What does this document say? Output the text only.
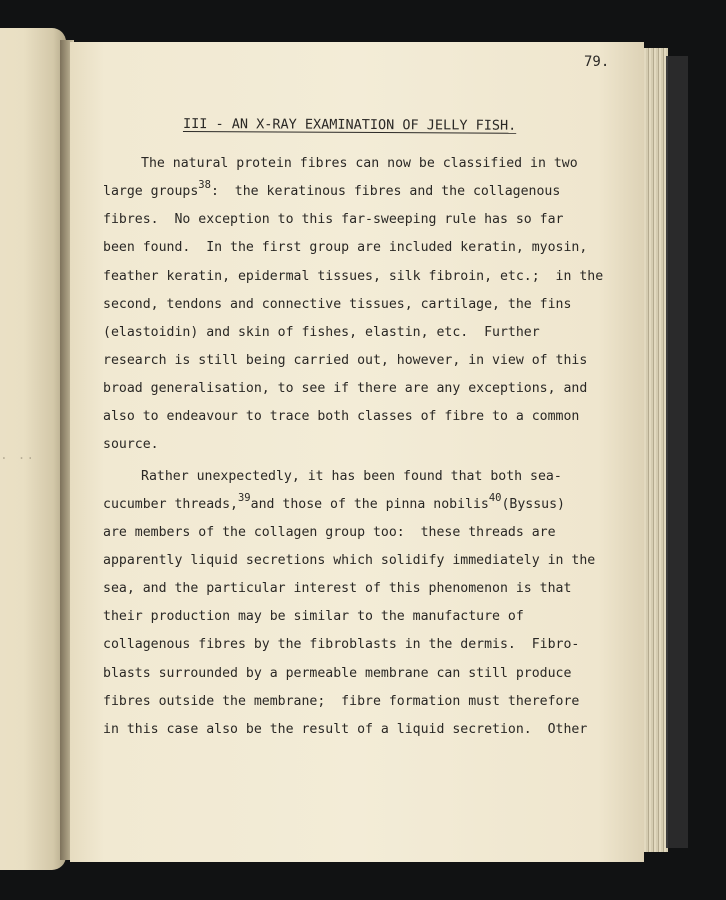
. ..
79.
III - AN X-RAY EXAMINATION OF JELLY FISH.
The natural protein fibres can now be classified in two
large groups$^{38}$:  the keratinous fibres and the collagenous
fibres.  No exception to this far-sweeping rule has so far
been found.  In the first group are included keratin, myosin,
feather keratin, epidermal tissues, silk fibroin, etc.;  in the
second, tendons and connective tissues, cartilage, the fins
(elastoidin) and skin of fishes, elastin, etc.  Further
research is still being carried out, however, in view of this
broad generalisation, to see if there are any exceptions, and
also to endeavour to trace both classes of fibre to a common
source.
Rather unexpectedly, it has been found that both sea-
cucumber threads,$^{39}$and those of the pinna nobilis$^{40}$(Byssus)
are members of the collagen group too:  these threads are
apparently liquid secretions which solidify immediately in the
sea, and the particular interest of this phenomenon is that
their production may be similar to the manufacture of
collagenous fibres by the fibroblasts in the dermis.  Fibro-
blasts surrounded by a permeable membrane can still produce
fibres outside the membrane;  fibre formation must therefore
in this case also be the result of a liquid secretion.  Other
